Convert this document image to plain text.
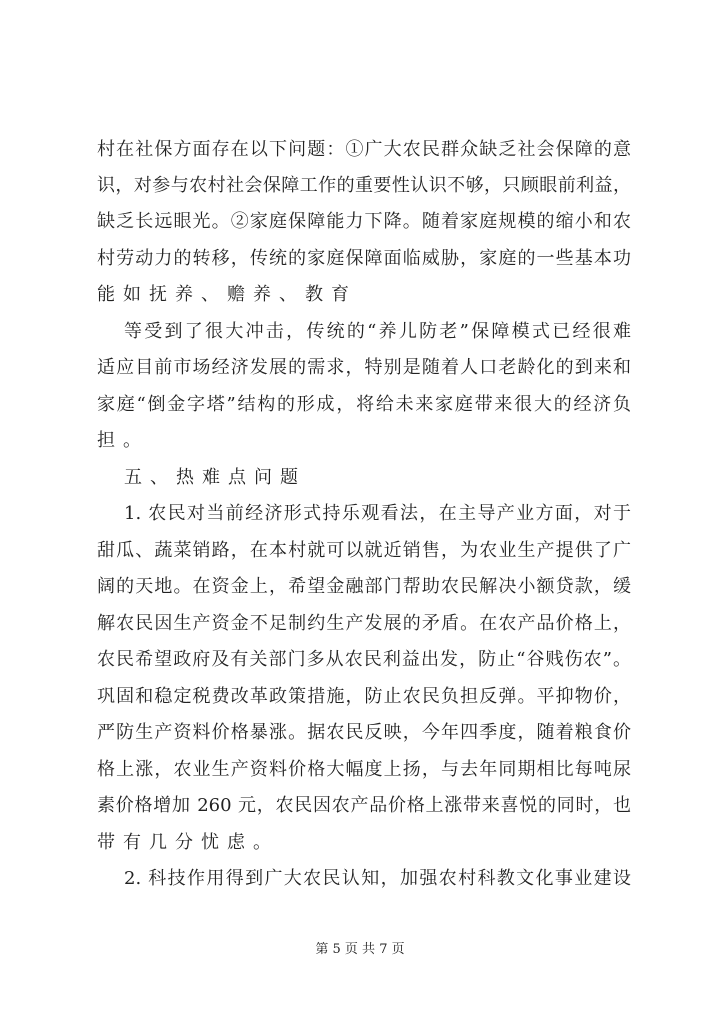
村在社保方面存在以下问题：①广大农民群众缺乏社会保障的意
识，对参与农村社会保障工作的重要性认识不够，只顾眼前利益，
缺乏长远眼光。②家庭保障能力下降。随着家庭规模的缩小和农
村劳动力的转移，传统的家庭保障面临威胁，家庭的一些基本功
能如抚养、赡养、教育
等受到了很大冲击，传统的“养儿防老”保障模式已经很难
适应目前市场经济发展的需求，特别是随着人口老龄化的到来和
家庭“倒金字塔”结构的形成，将给未来家庭带来很大的经济负
担。
五、热难点问题
1. 农民对当前经济形式持乐观看法，在主导产业方面，对于
甜瓜、蔬菜销路，在本村就可以就近销售，为农业生产提供了广
阔的天地。在资金上，希望金融部门帮助农民解决小额贷款，缓
解农民因生产资金不足制约生产发展的矛盾。在农产品价格上，
农民希望政府及有关部门多从农民利益出发，防止“谷贱伤农”。
巩固和稳定税费改革政策措施，防止农民负担反弹。平抑物价，
严防生产资料价格暴涨。据农民反映，今年四季度，随着粮食价
格上涨，农业生产资料价格大幅度上扬，与去年同期相比每吨尿
素价格增加 260 元，农民因农产品价格上涨带来喜悦的同时，也
带有几分忧虑。
2. 科技作用得到广大农民认知，加强农村科教文化事业建设
第 5 页 共 7 页
